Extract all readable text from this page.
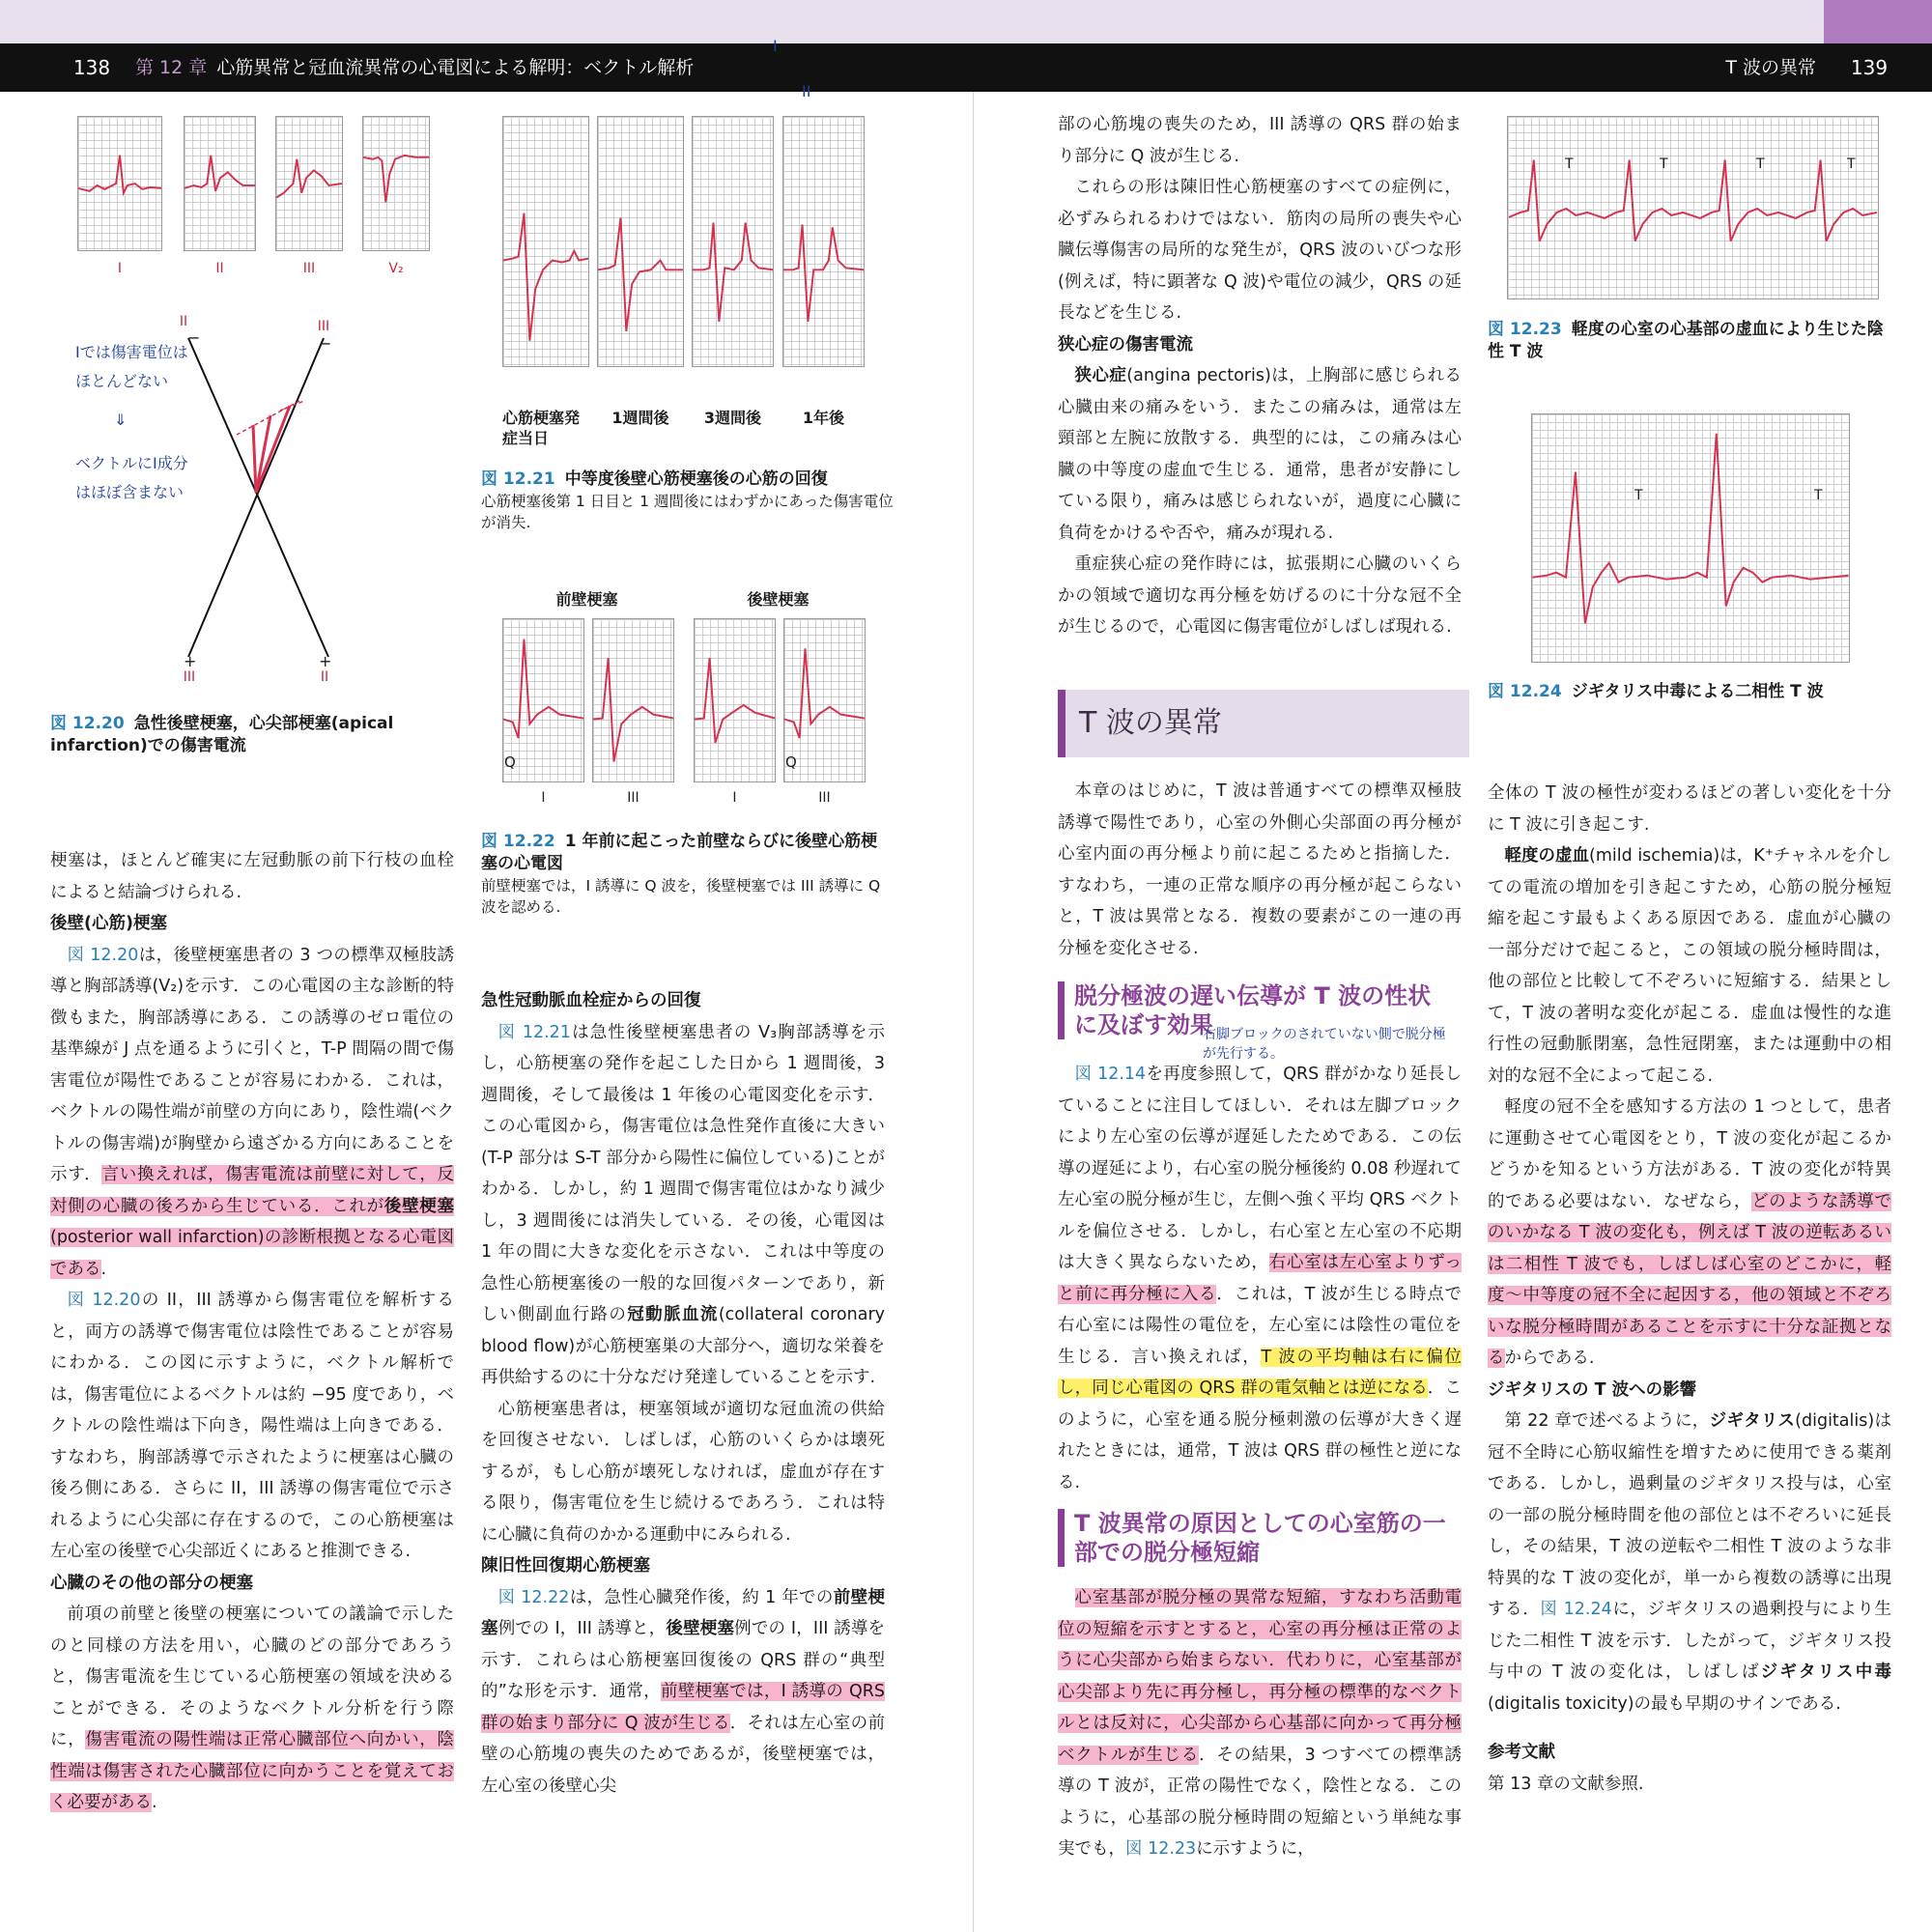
138	第 12 章 心筋異常と冠血流異常の心電図による解明：ベクトル解析	T 波の異常	139
I
II
I	II	III	V₂
II
−
III
−
+
III
+
II
Iでは傷害電位はほとんどない
⇓
ベクトルにI成分はほぼ含まない
図 12.20 急性後壁梗塞，心尖部梗塞(apical infarction)での傷害電流
心筋梗塞発症当日
1週間後	3週間後	1年後
図 12.21 中等度後壁心筋梗塞後の心筋の回復
心筋梗塞後第 1 日目と 1 週間後にはわずかにあった傷害電位が消失.
前壁梗塞	後壁梗塞
Q	Q
I	III	I	III
図 12.22 1 年前に起こった前壁ならびに後壁心筋梗塞の心電図
前壁梗塞では，I 誘導に Q 波を，後壁梗塞では III 誘導に Q 波を認める.

梗塞は，ほとんど確実に左冠動脈の前下行枝の血栓によると結論づけられる.

後壁(心筋)梗塞

図 12.20は，後壁梗塞患者の 3 つの標準双極肢誘導と胸部誘導(V₂)を示す．この心電図の主な診断的特徴もまた，胸部誘導にある．この誘導のゼロ電位の基準線が J 点を通るように引くと，T-P 間隔の間で傷害電位が陽性であることが容易にわかる．これは，ベクトルの陽性端が前壁の方向にあり，陰性端(ベクトルの傷害端)が胸壁から遠ざかる方向にあることを示す．言い換えれば，傷害電流は前壁に対して，反対側の心臓の後ろから生じている．これが後壁梗塞(posterior wall infarction)の診断根拠となる心電図である.

図 12.20の II，III 誘導から傷害電位を解析すると，両方の誘導で傷害電位は陰性であることが容易にわかる．この図に示すように，ベクトル解析では，傷害電位によるベクトルは約 −95 度であり，ベクトルの陰性端は下向き，陽性端は上向きである．すなわち，胸部誘導で示されたように梗塞は心臓の後ろ側にある．さらに II，III 誘導の傷害電位で示されるように心尖部に存在するので，この心筋梗塞は左心室の後壁で心尖部近くにあると推測できる.

心臓のその他の部分の梗塞

前項の前壁と後壁の梗塞についての議論で示したのと同様の方法を用い，心臓のどの部分であろうと，傷害電流を生じている心筋梗塞の領域を決めることができる．そのようなベクトル分析を行う際に，傷害電流の陽性端は正常心臓部位へ向かい，陰性端は傷害された心臓部位に向かうことを覚えておく必要がある.

急性冠動脈血栓症からの回復

図 12.21は急性後壁梗塞患者の V₃胸部誘導を示し，心筋梗塞の発作を起こした日から 1 週間後，3 週間後，そして最後は 1 年後の心電図変化を示す．この心電図から，傷害電位は急性発作直後に大きい(T-P 部分は S-T 部分から陽性に偏位している)ことがわかる．しかし，約 1 週間で傷害電位はかなり減少し，3 週間後には消失している．その後，心電図は 1 年の間に大きな変化を示さない．これは中等度の急性心筋梗塞後の一般的な回復パターンであり，新しい側副血行路の冠動脈血流(collateral coronary blood flow)が心筋梗塞巣の大部分へ，適切な栄養を再供給するのに十分なだけ発達していることを示す.

心筋梗塞患者は，梗塞領域が適切な冠血流の供給を回復させない．しばしば，心筋のいくらかは壊死するが，もし心筋が壊死しなければ，虚血が存在する限り，傷害電位を生じ続けるであろう．これは特に心臓に負荷のかかる運動中にみられる.

陳旧性回復期心筋梗塞

図 12.22は，急性心臓発作後，約 1 年での前壁梗塞例での I，III 誘導と，後壁梗塞例での I，III 誘導を示す．これらは心筋梗塞回復後の QRS 群の“典型的”な形を示す．通常，前壁梗塞では，I 誘導の QRS 群の始まり部分に Q 波が生じる．それは左心室の前壁の心筋塊の喪失のためであるが，後壁梗塞では，左心室の後壁心尖

部の心筋塊の喪失のため，III 誘導の QRS 群の始まり部分に Q 波が生じる.

これらの形は陳旧性心筋梗塞のすべての症例に，必ずみられるわけではない．筋肉の局所の喪失や心臓伝導傷害の局所的な発生が，QRS 波のいびつな形(例えば，特に顕著な Q 波)や電位の減少，QRS の延長などを生じる.

狭心症の傷害電流

狭心症(angina pectoris)は，上胸部に感じられる心臓由来の痛みをいう．またこの痛みは，通常は左頸部と左腕に放散する．典型的には，この痛みは心臓の中等度の虚血で生じる．通常，患者が安静にしている限り，痛みは感じられないが，過度に心臓に負荷をかけるや否や，痛みが現れる.

重症狭心症の発作時には，拡張期に心臓のいくらかの領域で適切な再分極を妨げるのに十分な冠不全が生じるので，心電図に傷害電位がしばしば現れる.

T 波の異常

本章のはじめに，T 波は普通すべての標準双極肢誘導で陽性であり，心室の外側心尖部面の再分極が心室内面の再分極より前に起こるためと指摘した．すなわち，一連の正常な順序の再分極が起こらないと，T 波は異常となる．複数の要素がこの一連の再分極を変化させる.

脱分極波の遅い伝導が T 波の性状に及ぼす効果
右脚ブロックのされていない側で脱分極が先行する。

図 12.14を再度参照して，QRS 群がかなり延長していることに注目してほしい．それは左脚ブロックにより左心室の伝導が遅延したためである．この伝導の遅延により，右心室の脱分極後約 0.08 秒遅れて左心室の脱分極が生じ，左側へ強く平均 QRS ベクトルを偏位させる．しかし，右心室と左心室の不応期は大きく異ならないため，右心室は左心室よりずっと前に再分極に入る．これは，T 波が生じる時点で右心室には陽性の電位を，左心室には陰性の電位を生じる．言い換えれば，T 波の平均軸は右に偏位し，同じ心電図の QRS 群の電気軸とは逆になる．このように，心室を通る脱分極刺激の伝導が大きく遅れたときには，通常，T 波は QRS 群の極性と逆になる.

T 波異常の原因としての心室筋の一部での脱分極短縮

心室基部が脱分極の異常な短縮，すなわち活動電位の短縮を示すとすると，心室の再分極は正常のように心尖部から始まらない．代わりに，心室基部が心尖部より先に再分極し，再分極の標準的なベクトルとは反対に，心尖部から心基部に向かって再分極ベクトルが生じる．その結果，3 つすべての標準誘導の T 波が，正常の陽性でなく，陰性となる．このように，心基部の脱分極時間の短縮という単純な事実でも，図 12.23に示すように，

T	T	T	T
図 12.23 軽度の心室の心基部の虚血により生じた陰性 T 波
T	T
図 12.24 ジギタリス中毒による二相性 T 波

全体の T 波の極性が変わるほどの著しい変化を十分に T 波に引き起こす.

軽度の虚血(mild ischemia)は，K⁺チャネルを介しての電流の増加を引き起こすため，心筋の脱分極短縮を起こす最もよくある原因である．虚血が心臓の一部分だけで起こると，この領域の脱分極時間は，他の部位と比較して不ぞろいに短縮する．結果として，T 波の著明な変化が起こる．虚血は慢性的な進行性の冠動脈閉塞，急性冠閉塞，または運動中の相対的な冠不全によって起こる.

軽度の冠不全を感知する方法の 1 つとして，患者に運動させて心電図をとり，T 波の変化が起こるかどうかを知るという方法がある．T 波の変化が特異的である必要はない．なぜなら，どのような誘導でのいかなる T 波の変化も，例えば T 波の逆転あるいは二相性 T 波でも，しばしば心室のどこかに，軽度〜中等度の冠不全に起因する，他の領域と不ぞろいな脱分極時間があることを示すに十分な証拠となるからである.

ジギタリスの T 波への影響

第 22 章で述べるように，ジギタリス(digitalis)は冠不全時に心筋収縮性を増すために使用できる薬剤である．しかし，過剰量のジギタリス投与は，心室の一部の脱分極時間を他の部位とは不ぞろいに延長し，その結果，T 波の逆転や二相性 T 波のような非特異的な T 波の変化が，単一から複数の誘導に出現する．図 12.24に，ジギタリスの過剰投与により生じた二相性 T 波を示す．したがって，ジギタリス投与中の T 波の変化は，しばしばジギタリス中毒(digitalis toxicity)の最も早期のサインである.

参考文献

第 13 章の文献参照.
